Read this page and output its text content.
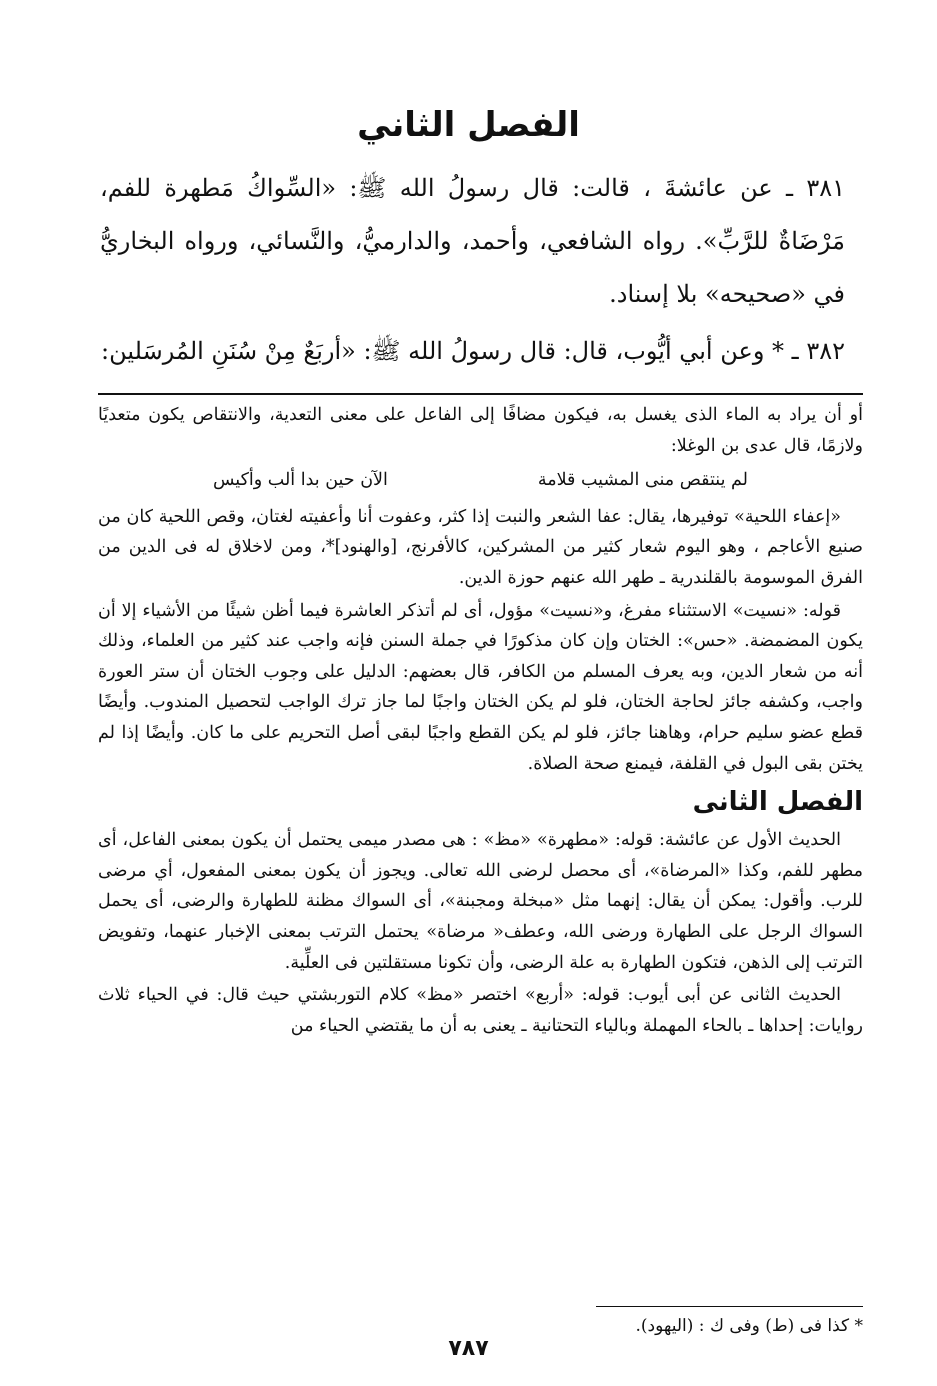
الفصل الثاني

٣٨١ ـ عن عائشةَ ، قالت: قال رسولُ الله ﷺ: «السِّواكُ مَطهرة للفم، مَرْضَاةٌ للرَّبِّ». رواه الشافعي، وأحمد، والدارميُّ، والنَّسائي، ورواه البخاريُّ في «صحيحه» بلا إسناد.

٣٨٢ ـ * وعن أبي أيُّوب، قال: قال رسولُ الله ﷺ: «أربَعٌ مِنْ سُنَنِ المُرسَلين:

أو أن يراد به الماء الذى يغسل به، فيكون مضافًا إلى الفاعل على معنى التعدية، والانتقاص يكون متعديًا ولازمًا، قال عدى بن الوغلا:

لم ينتقص منى المشيب قلامة
الآن حين بدا ألب وأكيس

«إعفاء اللحية» توفيرها، يقال: عفا الشعر والنبت إذا كثر، وعفوت أنا وأعفيته لغتان، وقص اللحية كان من صنيع الأعاجم ، وهو اليوم شعار كثير من المشركين، كالأفرنج، [والهنود]*، ومن لاخلاق له فى الدين من الفرق الموسومة بالقلندرية ـ طهر الله عنهم حوزة الدين.

قوله: «نسيت» الاستثناء مفرغ، و«نسيت» مؤول، أى لم أتذكر العاشرة فيما أظن شيئًا من الأشياء إلا أن يكون المضمضة. «حس»: الختان وإن كان مذكورًا في جملة السنن فإنه واجب عند كثير من العلماء، وذلك أنه من شعار الدين، وبه يعرف المسلم من الكافر، قال بعضهم: الدليل على وجوب الختان أن ستر العورة واجب، وكشفه جائز لحاجة الختان، فلو لم يكن الختان واجبًا لما جاز ترك الواجب لتحصيل المندوب. وأيضًا قطع عضو سليم حرام، وهاهنا جائز، فلو لم يكن القطع واجبًا لبقى أصل التحريم على ما كان. وأيضًا إذا لم يختن بقى البول في القلفة، فيمنع صحة الصلاة.

الفصل الثانى

الحديث الأول عن عائشة: قوله: «مطهرة» «مظ» : هى مصدر ميمى يحتمل أن يكون بمعنى الفاعل، أى مطهر للفم، وكذا «المرضاة»، أى محصل لرضى الله تعالى. ويجوز أن يكون بمعنى المفعول، أي مرضى للرب. وأقول: يمكن أن يقال: إنهما مثل «مبخلة ومجبنة»، أى السواك مظنة للطهارة والرضى، أى يحمل السواك الرجل على الطهارة ورضى الله، وعطف« مرضاة» يحتمل الترتب بمعنى الإخبار عنهما، وتفويض الترتب إلى الذهن، فتكون الطهارة به علة الرضى، وأن تكونا مستقلتين فى العلِّية.

الحديث الثانى عن أبى أيوب: قوله: «أربع» اختصر «مظ» كلام التوربشتي حيث قال: في الحياء ثلاث روايات: إحداها ـ بالحاء المهملة وبالياء التحتانية ـ يعنى به أن ما يقتضي الحياء من

* كذا فى (ط) وفى ك : (اليهود).

٧٨٧
